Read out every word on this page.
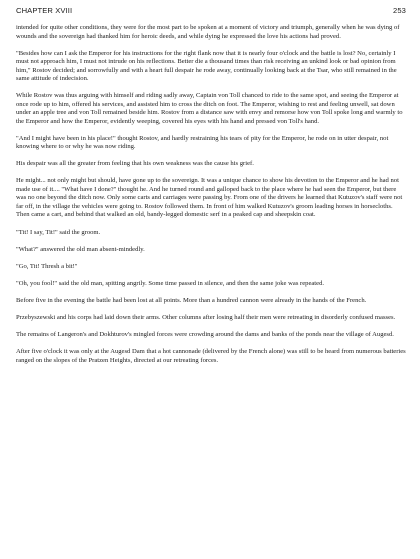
CHAPTER XVIII	253

intended for quite other conditions, they were for the most part to be spoken at a moment of victory and triumph, generally when he was dying of wounds and the sovereign had thanked him for heroic deeds, and while dying he expressed the love his actions had proved.

"Besides how can I ask the Emperor for his instructions for the right flank now that it is nearly four o'clock and the battle is lost? No, certainly I must not approach him, I must not intrude on his reflections. Better die a thousand times than risk receiving an unkind look or bad opinion from him," Rostov decided; and sorrowfully and with a heart full despair he rode away, continually looking back at the Tsar, who still remained in the same attitude of indecision.

While Rostov was thus arguing with himself and riding sadly away, Captain von Toll chanced to ride to the same spot, and seeing the Emperor at once rode up to him, offered his services, and assisted him to cross the ditch on foot. The Emperor, wishing to rest and feeling unwell, sat down under an apple tree and von Toll remained beside him. Rostov from a distance saw with envy and remorse how von Toll spoke long and warmly to the Emperor and how the Emperor, evidently weeping, covered his eyes with his hand and pressed von Toll's hand.

"And I might have been in his place!" thought Rostov, and hardly restraining his tears of pity for the Emperor, he rode on in utter despair, not knowing where to or why he was now riding.

His despair was all the greater from feeling that his own weakness was the cause his grief.

He might... not only might but should, have gone up to the sovereign. It was a unique chance to show his devotion to the Emperor and he had not made use of it.... "What have I done?" thought he. And he turned round and galloped back to the place where he had seen the Emperor, but there was no one beyond the ditch now. Only some carts and carriages were passing by. From one of the drivers he learned that Kutuzov's staff were not far off, in the village the vehicles were going to. Rostov followed them. In front of him walked Kutuzov's groom leading horses in horsecloths. Then came a cart, and behind that walked an old, bandy-legged domestic serf in a peaked cap and sheepskin coat.

"Tit! I say, Tit!" said the groom.

"What?" answered the old man absent-mindedly.

"Go, Tit! Thresh a bit!"

"Oh, you fool!" said the old man, spitting angrily. Some time passed in silence, and then the same joke was repeated.

Before five in the evening the battle had been lost at all points. More than a hundred cannon were already in the hands of the French.

Przebyszewski and his corps had laid down their arms. Other columns after losing half their men were retreating in disorderly confused masses.

The remains of Langeron's and Dokhturov's mingled forces were crowding around the dams and banks of the ponds near the village of Augesd.

After five o'clock it was only at the Augesd Dam that a hot cannonade (delivered by the French alone) was still to be heard from numerous batteries ranged on the slopes of the Pratzen Heights, directed at our retreating forces.
